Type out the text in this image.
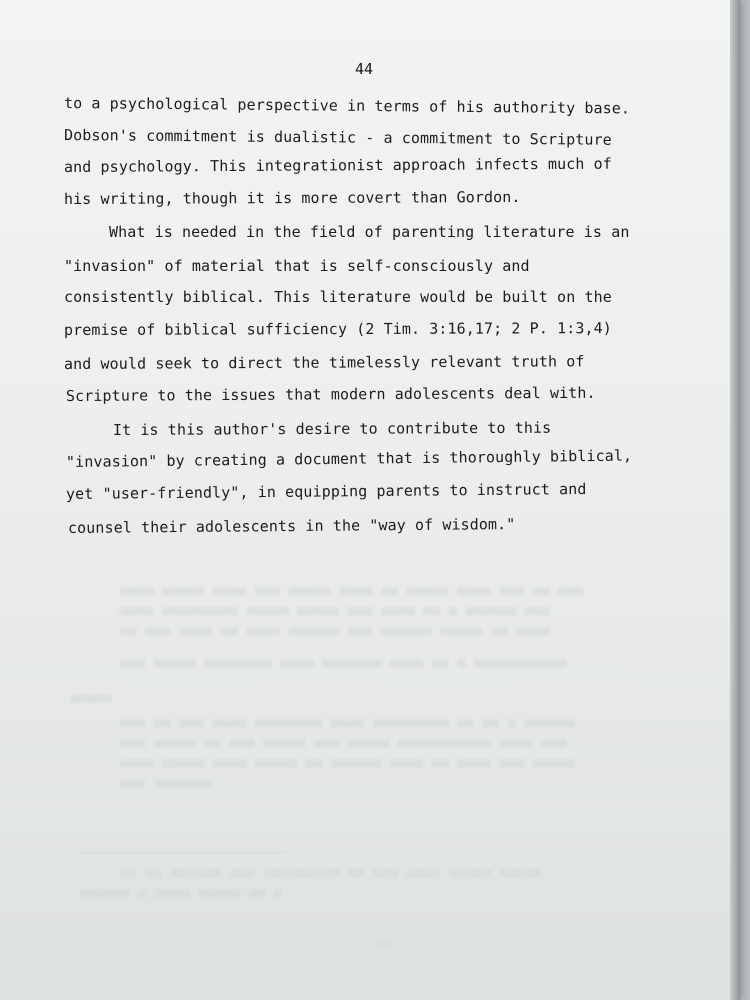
■■■■ ■■■■■ ■■■■ ■■■ ■■■■■ ■■■■ ■■ ■■■■■ ■■■■ ■■■ ■■ ■■■
■■■■ ■■■■■■■■■ ■■■■■ ■■■■■ ■■■ ■■■■ ■■ ■ ■■■■■■ ■■■
■■ ■■■ ■■■■ ■■ ■■■■ ■■■■■■ ■■■ ■■■■■■ ■■■■■ ■■ ■■■■
■■■ ■■■■■ ■■■■■■■■ ■■■■ ■■■■■■■ ■■■■ ■■ ■ ■■■■■■■■■■■
■■■■■
■■■ ■■ ■■■ ■■■■ ■■■■■■■■ ■■■■ ■■■■■■■■■ ■■ ■■ ■ ■■■■■■
■■■ ■■■■■ ■■ ■■■ ■■■■■ ■■■ ■■■■■ ■■■■■■■■■■■ ■■■■ ■■■
■■■■ ■■■■■ ■■■■ ■■■■■ ■■ ■■■■■■ ■■■■ ■■ ■■■■ ■■■ ■■■■■
■■■ ■■■■■■■
■■ ■■ ■■■■■■ ■■■ ■■■■■■■■■ ■■ ■■■ ■■■■ ■■■■■ ■■■■■
■■■■■■ ■ ■■■■ ■■■■■ ■■ ■
■■
44
to a psychological perspective in terms of his authority base.
Dobson's commitment is dualistic - a commitment to Scripture
and psychology. This integrationist approach infects much of
his writing, though it is more covert than Gordon.
What is needed in the field of parenting literature is an
"invasion" of material that is self-consciously and
consistently biblical. This literature would be built on the
premise of biblical sufficiency (2 Tim. 3:16,17; 2 P. 1:3,4)
and would seek to direct the timelessly relevant truth of
Scripture to the issues that modern adolescents deal with.
It is this author's desire to contribute to this
"invasion" by creating a document that is thoroughly biblical,
yet "user-friendly", in equipping parents to instruct and
counsel their adolescents in the "way of wisdom."
